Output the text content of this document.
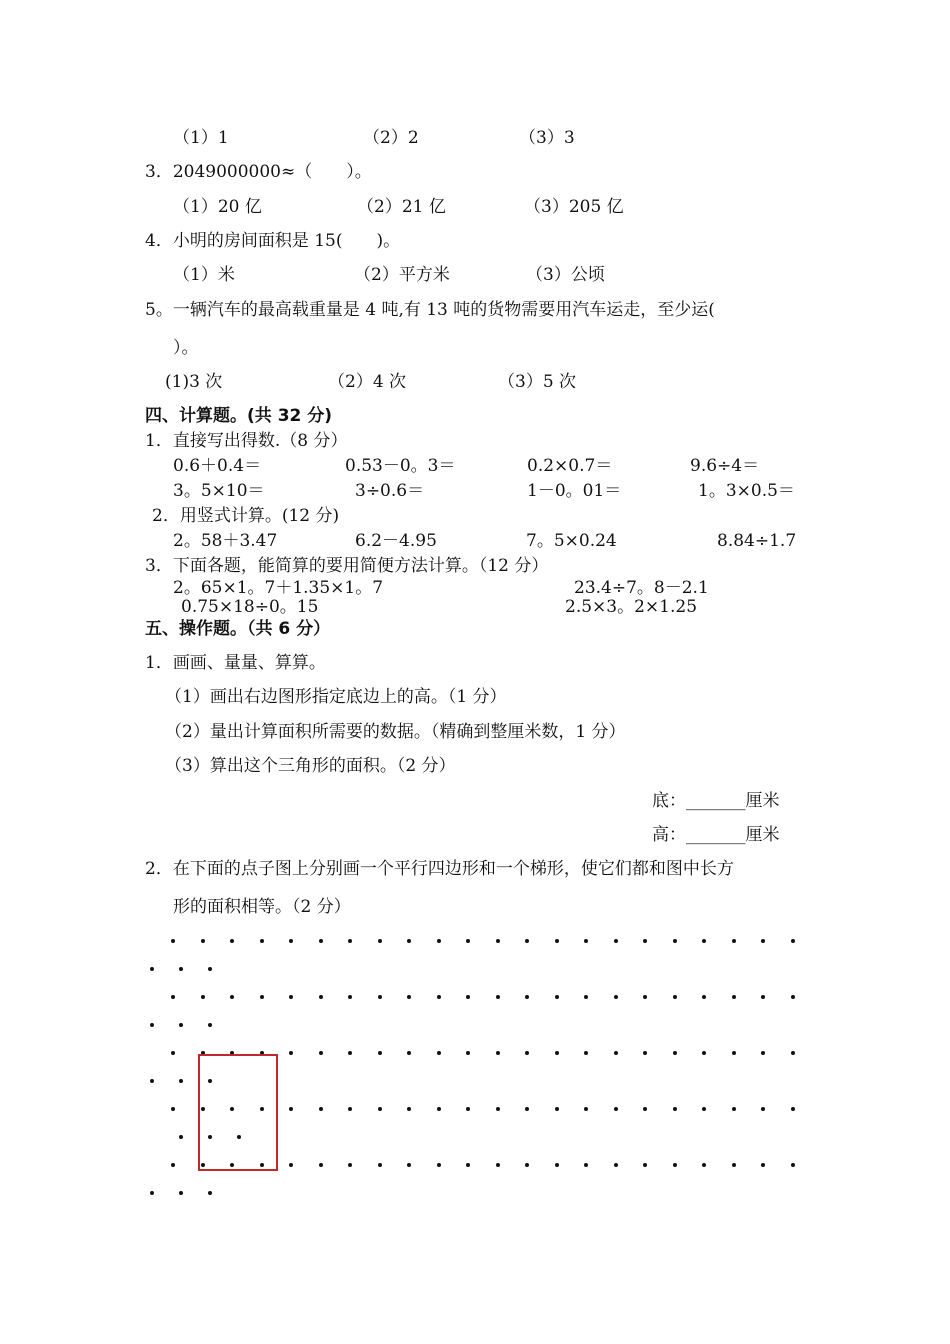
（1）1	（2）2	（3）3
3．2049000000≈（　　）。
（1）20 亿	（2）21 亿	（3）205 亿
4．小明的房间面积是 15(　　)。
（1）米	（2）平方米	（3）公顷
5。一辆汽车的最高载重量是 4 吨,有 13 吨的货物需要用汽车运走，至少运(
）。
(1)3 次	（2）4 次	（3）5 次
四、计算题。(共 32 分)
1．直接写出得数.（8 分）
0.6＋0.4＝	0.53－0。3＝	0.2×0.7＝	9.6÷4＝
3。5×10＝	3÷0.6＝	1－0。01＝	1。3×0.5＝
2．用竖式计算。(12 分)
2。58＋3.47	6.2－4.95	7。5×0.24	8.84÷1.7
3．下面各题，能简算的要用简便方法计算。（12 分）
2。65×1。7＋1.35×1。7	23.4÷7。8－2.1
0.75×18÷0。15	2.5×3。2×1.25
五、操作题。（共 6 分）
1．画画、量量、算算。
（1）画出右边图形指定底边上的高。（1 分）
（2）量出计算面积所需要的数据。（精确到整厘米数，1 分）
（3）算出这个三角形的面积。（2 分）
底：_______厘米
高：_______厘米
2．在下面的点子图上分别画一个平行四边形和一个梯形，使它们都和图中长方
形的面积相等。（2 分）
